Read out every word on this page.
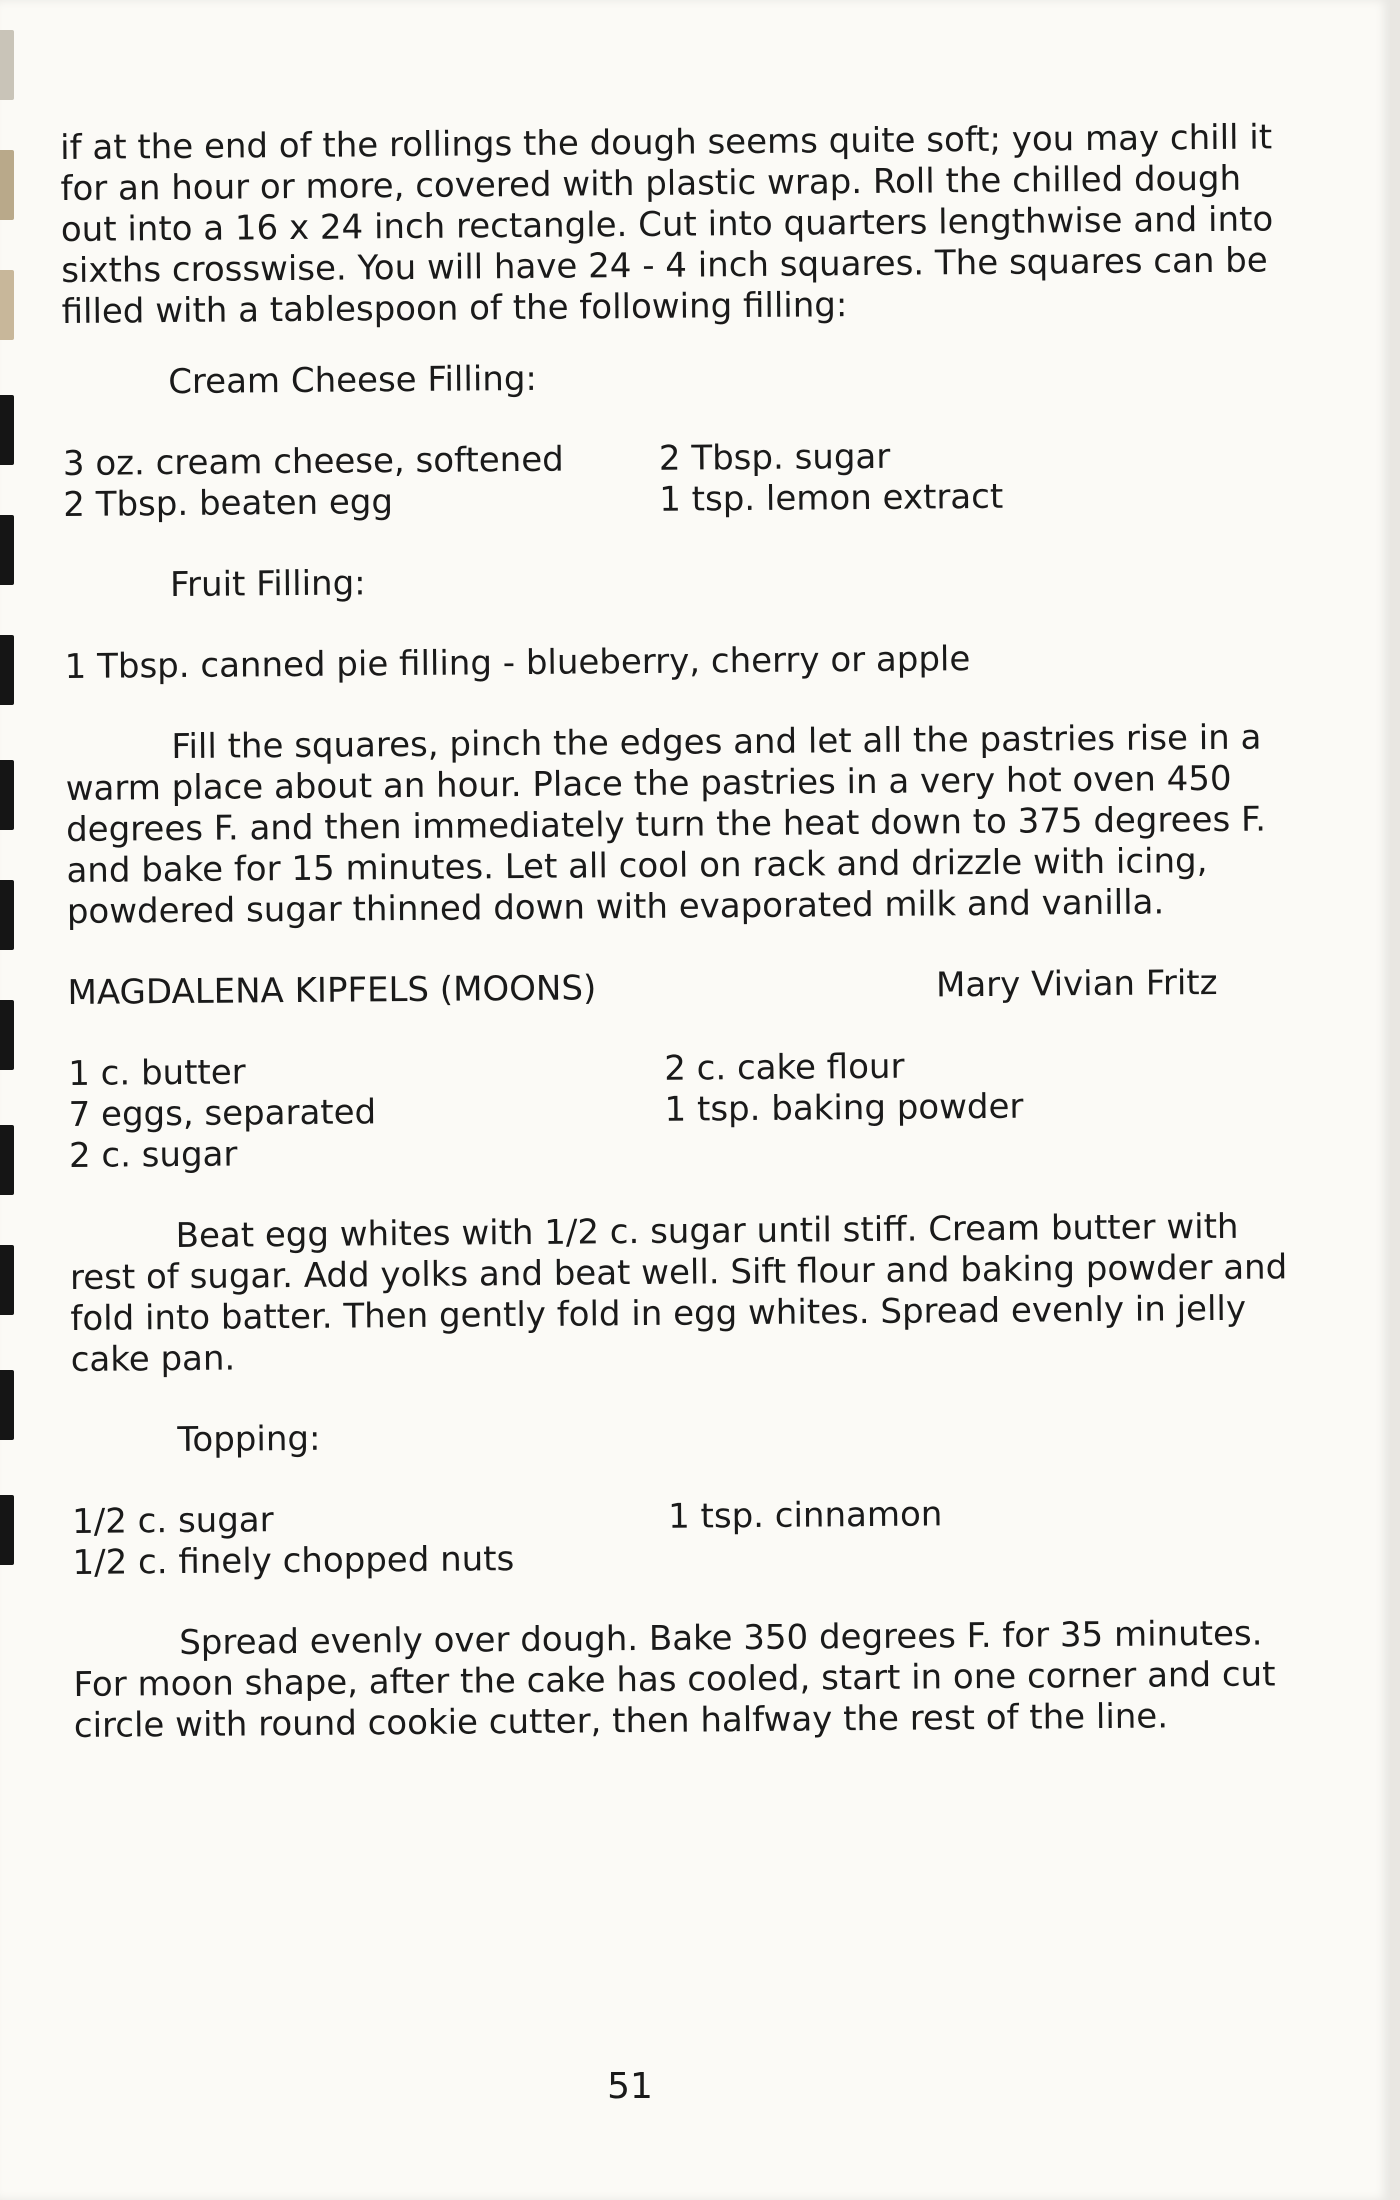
if at the end of the rollings the dough seems quite soft; you may chill it for an hour or more, covered with plastic wrap. Roll the chilled dough out into a 16 x 24 inch rectangle. Cut into quarters lengthwise and into sixths crosswise. You will have 24 - 4 inch squares. The squares can be filled with a tablespoon of the following filling:

Cream Cheese Filling:
3 oz. cream cheese, softened
2 Tbsp. beaten egg
2 Tbsp. sugar
1 tsp. lemon extract
Fruit Filling:

1 Tbsp. canned pie filling - blueberry, cherry or apple

Fill the squares, pinch the edges and let all the pastries rise in a warm place about an hour. Place the pastries in a very hot oven 450 degrees F. and then immediately turn the heat down to 375 degrees F. and bake for 15 minutes. Let all cool on rack and drizzle with icing, powdered sugar thinned down with evaporated milk and vanilla.

MAGDALENA KIPFELS (MOONS)	Mary Vivian Fritz
1 c. butter
7 eggs, separated
2 c. sugar
2 c. cake flour
1 tsp. baking powder

Beat egg whites with 1/2 c. sugar until stiff. Cream butter with rest of sugar. Add yolks and beat well. Sift flour and baking powder and fold into batter. Then gently fold in egg whites. Spread evenly in jelly cake pan.

Topping:
1/2 c. sugar
1/2 c. finely chopped nuts
1 tsp. cinnamon

Spread evenly over dough. Bake 350 degrees F. for 35 minutes. For moon shape, after the cake has cooled, start in one corner and cut circle with round cookie cutter, then halfway the rest of the line.

51
